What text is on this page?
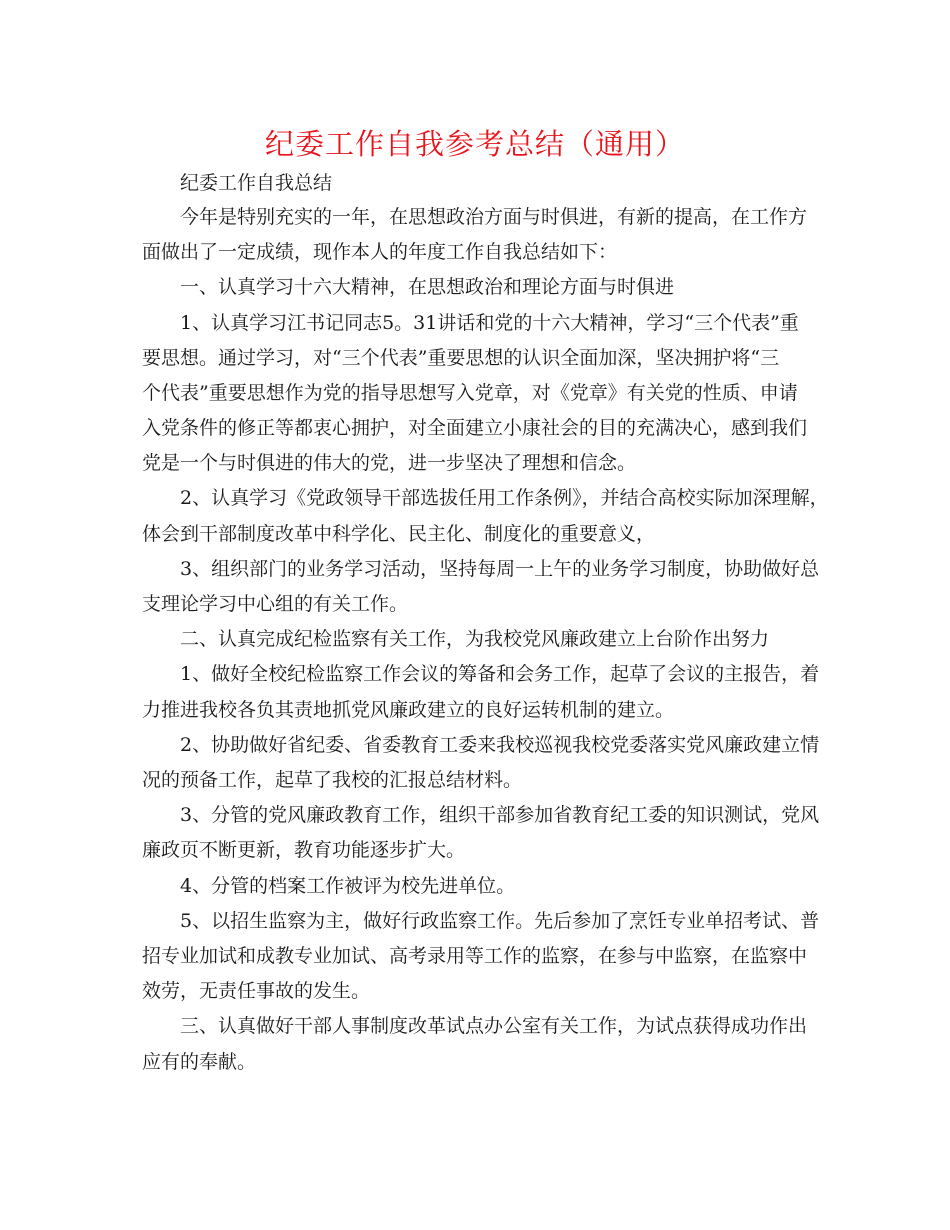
纪委工作自我参考总结（通用）
纪委工作自我总结
今年是特别充实的一年，在思想政治方面与时俱进，有新的提高，在工作方
面做出了一定成绩，现作本人的年度工作自我总结如下：
一、认真学习十六大精神，在思想政治和理论方面与时俱进
1、认真学习江书记同志5。31讲话和党的十六大精神，学习“三个代表”重
要思想。通过学习，对“三个代表”重要思想的认识全面加深，坚决拥护将“三
个代表”重要思想作为党的指导思想写入党章，对《党章》有关党的性质、申请
入党条件的修正等都衷心拥护，对全面建立小康社会的目的充满决心，感到我们
党是一个与时俱进的伟大的党，进一步坚决了理想和信念。
2、认真学习《党政领导干部选拔任用工作条例》，并结合高校实际加深理解，
体会到干部制度改革中科学化、民主化、制度化的重要意义，
3、组织部门的业务学习活动，坚持每周一上午的业务学习制度，协助做好总
支理论学习中心组的有关工作。
二、认真完成纪检监察有关工作，为我校党风廉政建立上台阶作出努力
1、做好全校纪检监察工作会议的筹备和会务工作，起草了会议的主报告，着
力推进我校各负其责地抓党风廉政建立的良好运转机制的建立。
2、协助做好省纪委、省委教育工委来我校巡视我校党委落实党风廉政建立情
况的预备工作，起草了我校的汇报总结材料。
3、分管的党风廉政教育工作，组织干部参加省教育纪工委的知识测试，党风
廉政页不断更新，教育功能逐步扩大。
4、分管的档案工作被评为校先进单位。
5、以招生监察为主，做好行政监察工作。先后参加了烹饪专业单招考试、普
招专业加试和成教专业加试、高考录用等工作的监察，在参与中监察，在监察中
效劳，无责任事故的发生。
三、认真做好干部人事制度改革试点办公室有关工作，为试点获得成功作出
应有的奉献。
